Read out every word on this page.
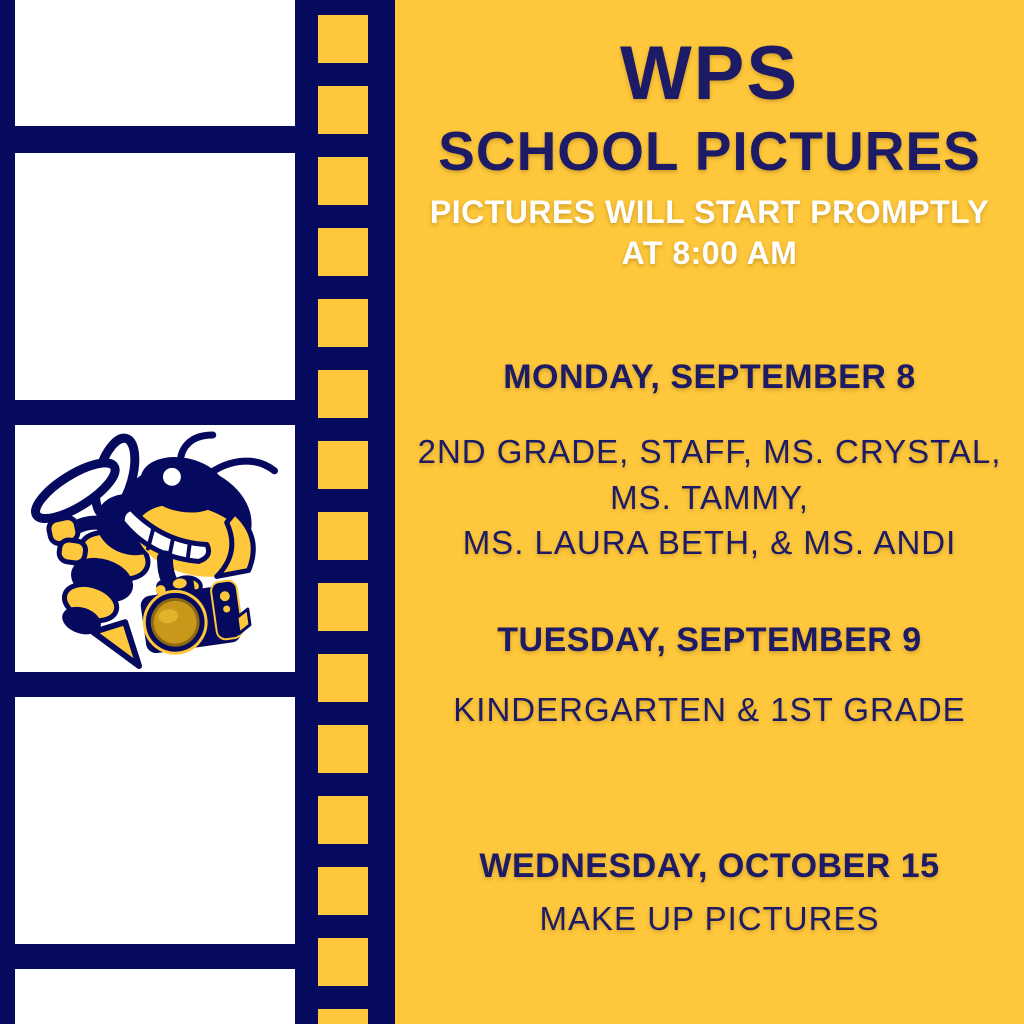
WPS
SCHOOL PICTURES
PICTURES WILL START PROMPTLY
AT 8:00 AM
MONDAY, SEPTEMBER 8
2ND GRADE, STAFF, MS. CRYSTAL,
MS. TAMMY,
MS. LAURA BETH, & MS. ANDI
TUESDAY, SEPTEMBER 9
KINDERGARTEN & 1ST GRADE
WEDNESDAY, OCTOBER 15
MAKE UP PICTURES
